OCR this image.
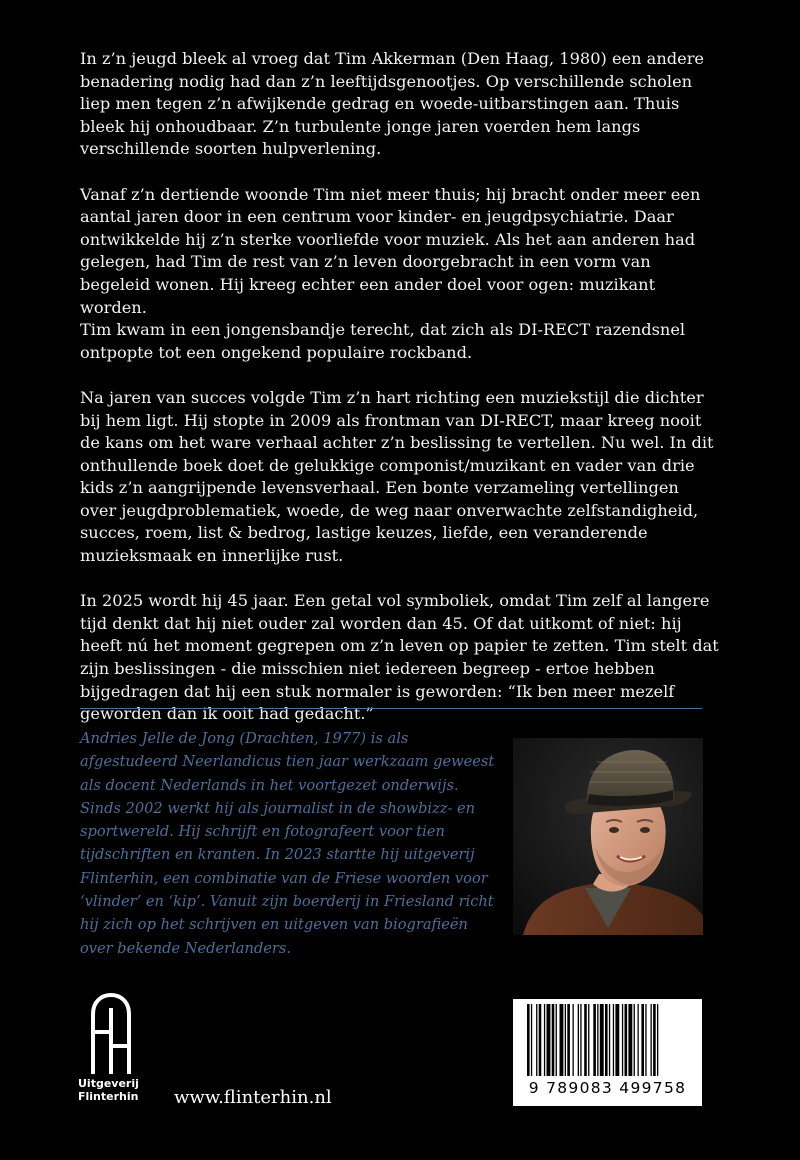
In z’n jeugd bleek al vroeg dat Tim Akkerman (Den Haag, 1980) een andere benadering nodig had dan z’n leeftijdsgenootjes. Op verschillende scholen liep men tegen z’n afwijkende gedrag en woede-uitbarstingen aan. Thuis bleek hij onhoudbaar. Z’n turbulente jonge jaren voerden hem langs verschillende soorten hulpverlening.

Vanaf z’n dertiende woonde Tim niet meer thuis; hij bracht onder meer een aantal jaren door in een centrum voor kinder- en jeugdpsychiatrie. Daar ontwikkelde hij z’n sterke voorliefde voor muziek. Als het aan anderen had gelegen, had Tim de rest van z’n leven doorgebracht in een vorm van begeleid wonen. Hij kreeg echter een ander doel voor ogen: muzikant worden.
Tim kwam in een jongensbandje terecht, dat zich als DI-RECT razendsnel ontpopte tot een ongekend populaire rockband.

Na jaren van succes volgde Tim z’n hart richting een muziekstijl die dichter bij hem ligt. Hij stopte in 2009 als frontman van DI-RECT, maar kreeg nooit de kans om het ware verhaal achter z’n beslissing te vertellen. Nu wel. In dit onthullende boek doet de gelukkige componist/muzikant en vader van drie kids z’n aangrijpende levensverhaal. Een bonte verzameling vertellingen over jeugdproblematiek, woede, de weg naar onverwachte zelfstandigheid, succes, roem, list & bedrog, lastige keuzes, liefde, een veranderende muzieksmaak en innerlijke rust.

In 2025 wordt hij 45 jaar. Een getal vol symboliek, omdat Tim zelf al langere tijd denkt dat hij niet ouder zal worden dan 45. Of dat uitkomt of niet: hij heeft nú het moment gegrepen om z’n leven op papier te zetten. Tim stelt dat zijn beslissingen - die misschien niet iedereen begreep - ertoe hebben bijgedragen dat hij een stuk normaler is geworden: “Ik ben meer mezelf geworden dan ik ooit had gedacht.”

Andries Jelle de Jong (Drachten, 1977) is als afgestudeerd Neerlandicus tien jaar werkzaam geweest als docent Nederlands in het voortgezet onderwijs. Sinds 2002 werkt hij als journalist in de showbizz- en sportwereld. Hij schrijft en fotografeert voor tien tijdschriften en kranten. In 2023 startte hij uitgeverij Flinterhin, een combinatie van de Friese woorden voor ‘vlinder’ en ‘kip’. Vanuit zijn boerderij in Friesland richt hij zich op het schrijven en uitgeven van biografieën over bekende Nederlanders.

Uitgeverij
Flinterhin www.flinterhin.nl	9 789083 499758
